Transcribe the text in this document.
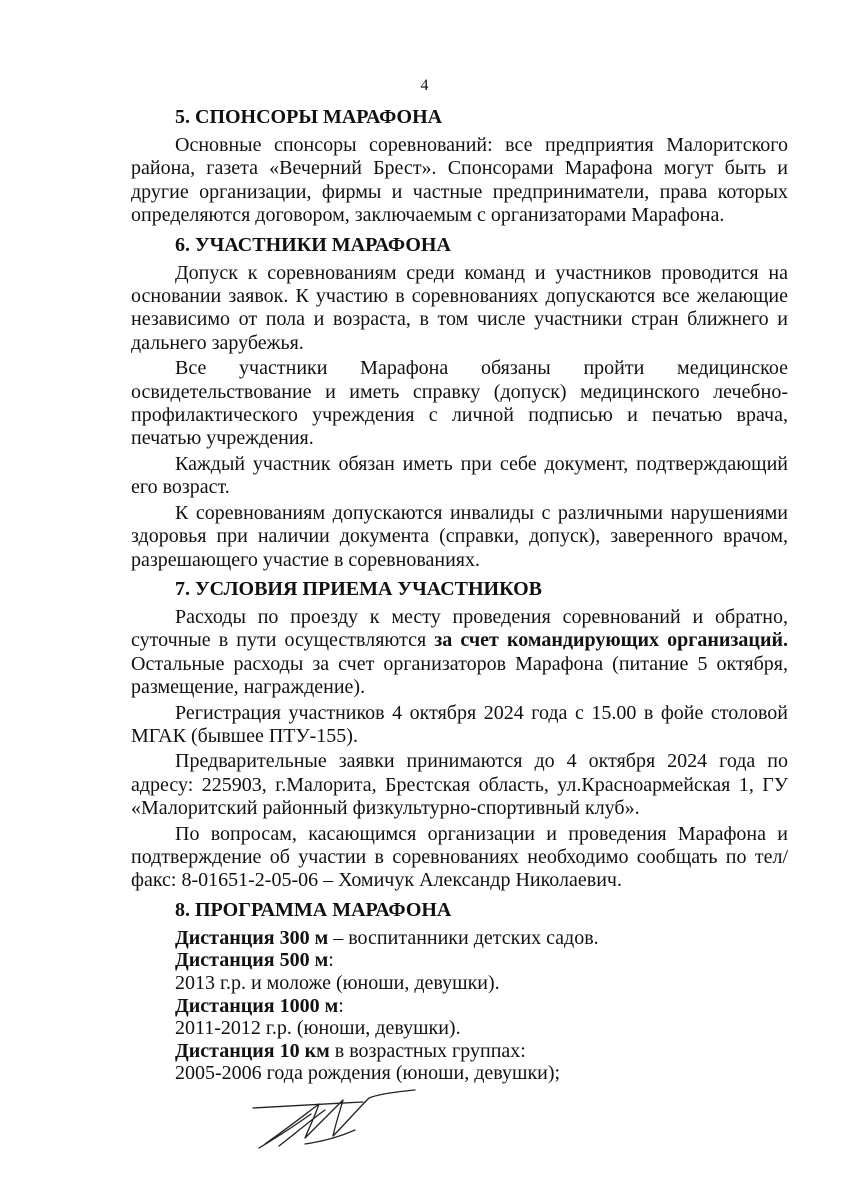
4
5. СПОНСОРЫ МАРАФОНА

Основные спонсоры соревнований: все предприятия Малоритского района, газета «Вечерний Брест». Спонсорами Марафона могут быть и другие организации, фирмы и частные предприниматели, права которых определяются договором, заключаемым с организаторами Марафона.

6. УЧАСТНИКИ МАРАФОНА

Допуск к соревнованиям среди команд и участников проводится на основании заявок. К участию в соревнованиях допускаются все желающие независимо от пола и возраста, в том числе участники стран ближнего и дальнего зарубежья.

Все участники Марафона обязаны пройти медицинское освидетельствование и иметь справку (допуск) медицинского лечебно-профилактического учреждения с личной подписью и печатью врача, печатью учреждения.

Каждый участник обязан иметь при себе документ, подтверждающий его возраст.

К соревнованиям допускаются инвалиды с различными нарушениями здоровья при наличии документа (справки, допуск), заверенного врачом, разрешающего участие в соревнованиях.

7. УСЛОВИЯ ПРИЕМА УЧАСТНИКОВ

Расходы по проезду к месту проведения соревнований и обратно, суточные в пути осуществляются за счет командирующих организаций. Остальные расходы за счет организаторов Марафона (питание 5 октября, размещение, награждение).

Регистрация участников 4 октября 2024 года с 15.00 в фойе столовой МГАК (бывшее ПТУ-155).

Предварительные заявки принимаются до 4 октября 2024 года по адресу: 225903, г.Малорита, Брестская область, ул.Красноармейская 1, ГУ «Малоритский районный физкультурно-спортивный клуб».

По вопросам, касающимся организации и проведения Марафона и подтверждение об участии в соревнованиях необходимо сообщать по тел/факс: 8-01651-2-05-06 – Хомичук Александр Николаевич.

8. ПРОГРАММА МАРАФОНА
Дистанция 300 м – воспитанники детских садов.
Дистанция 500 м:
2013 г.р. и моложе (юноши, девушки).
Дистанция 1000 м:
2011-2012 г.р. (юноши, девушки).
Дистанция 10 км в возрастных группах:
2005-2006 года рождения (юноши, девушки);
